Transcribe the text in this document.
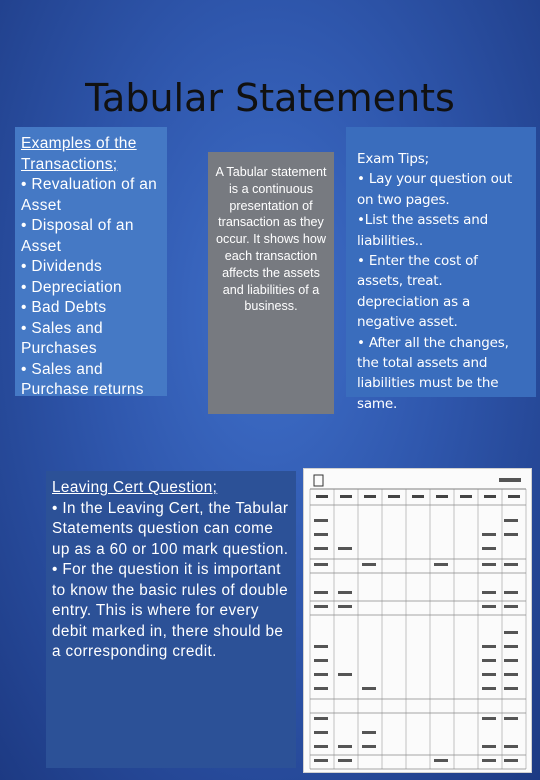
Tabular Statements
Examples of the Transactions;
• Revaluation of an Asset
• Disposal of an Asset
• Dividends
• Depreciation
• Bad Debts
• Sales and Purchases
• Sales and Purchase returns
A Tabular statement is a continuous presentation of transaction as they occur. It shows how each transaction affects the assets and liabilities of a business.
Exam Tips;
• Lay your question out on two pages.
•List the assets and liabilities..
• Enter the cost of assets, treat. depreciation as a negative asset.
• After all the changes, the total assets and liabilities must be the same.
Leaving Cert Question;
• In the Leaving Cert, the Tabular Statements question can come up as a 60 or 100 mark question.
• For the question it is important to know the basic rules of double entry. This is where for every debit marked in, there should be a corresponding credit.
